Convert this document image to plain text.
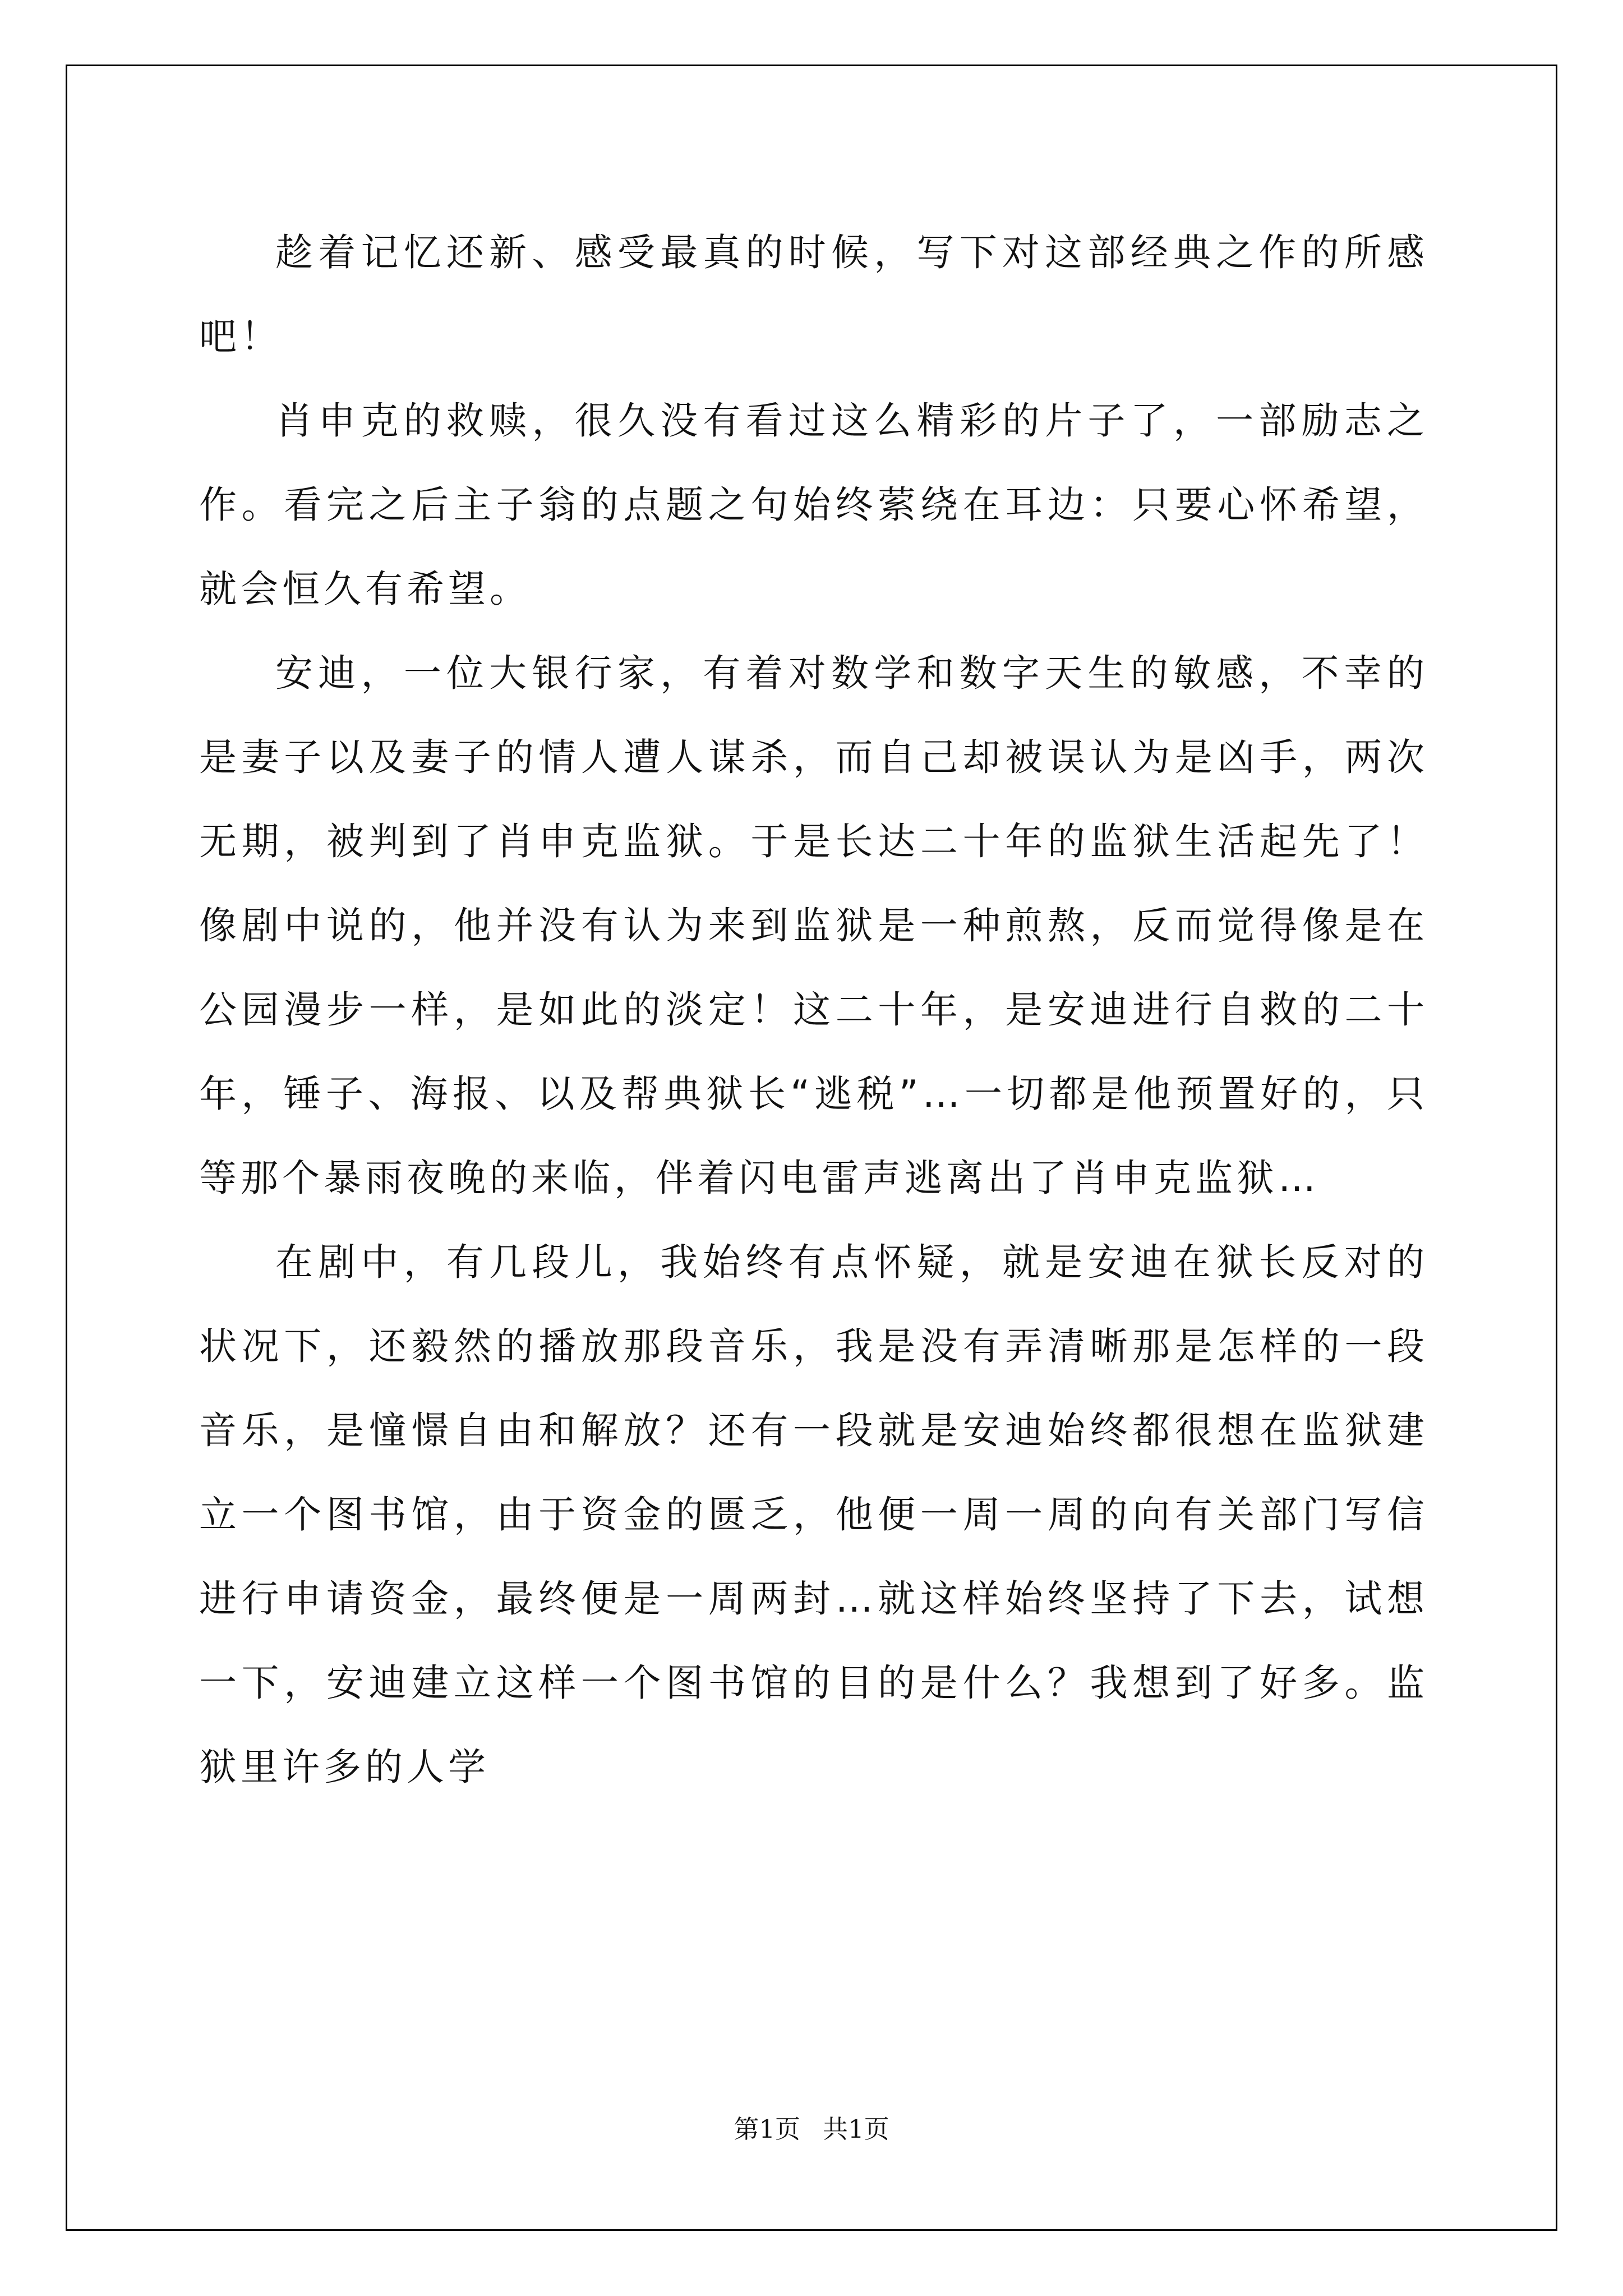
趁着记忆还新、感受最真的时候，写下对这部经典之作的所感吧！

肖申克的救赎，很久没有看过这么精彩的片子了，一部励志之作。看完之后主子翁的点题之句始终萦绕在耳边：只要心怀希望，就会恒久有希望。

安迪，一位大银行家，有着对数学和数字天生的敏感，不幸的是妻子以及妻子的情人遭人谋杀，而自己却被误认为是凶手，两次无期，被判到了肖申克监狱。于是长达二十年的监狱生活起先了！像剧中说的，他并没有认为来到监狱是一种煎熬，反而觉得像是在公园漫步一样，是如此的淡定！这二十年，是安迪进行自救的二十年，锤子、海报、以及帮典狱长“逃税”…一切都是他预置好的，只等那个暴雨夜晚的来临，伴着闪电雷声逃离出了肖申克监狱…

在剧中，有几段儿，我始终有点怀疑，就是安迪在狱长反对的状况下，还毅然的播放那段音乐，我是没有弄清晰那是怎样的一段音乐，是憧憬自由和解放？还有一段就是安迪始终都很想在监狱建立一个图书馆，由于资金的匮乏，他便一周一周的向有关部门写信进行申请资金，最终便是一周两封…就这样始终坚持了下去，试想一下，安迪建立这样一个图书馆的目的是什么？我想到了好多。监狱里许多的人学

第1页 共1页
